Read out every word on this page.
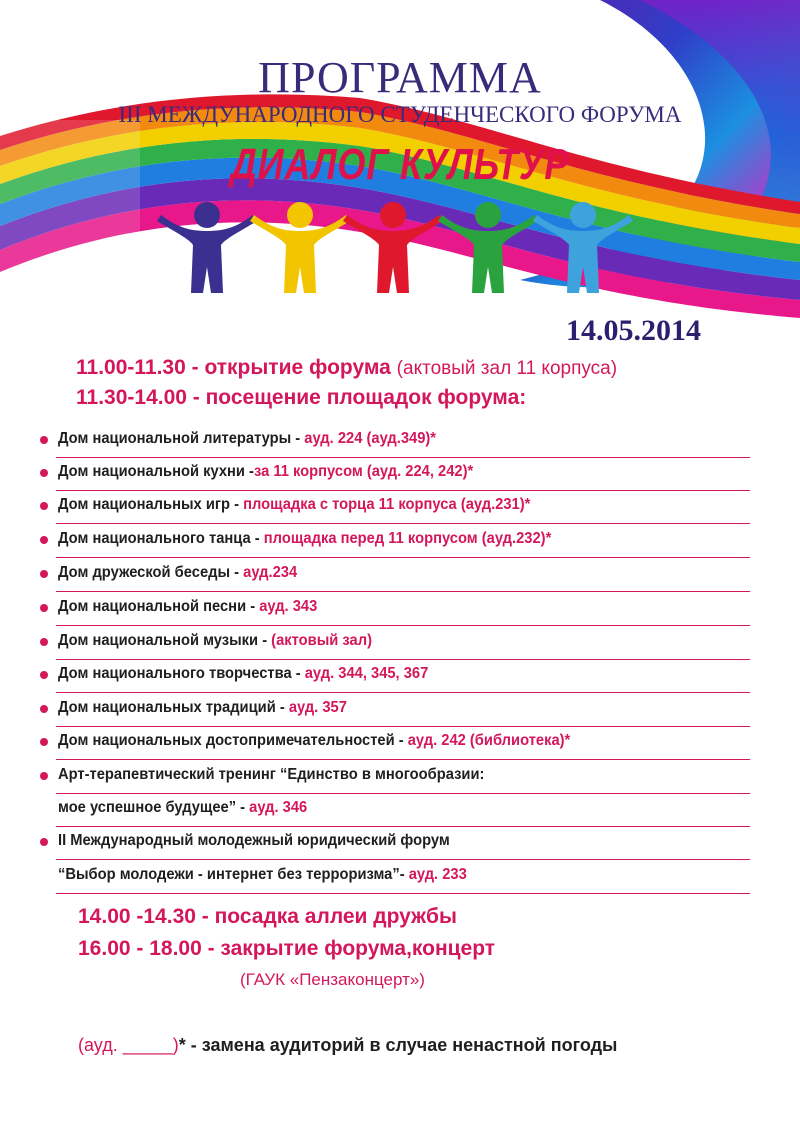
ПРОГРАММА
III МЕЖДУНАРОДНОГО СТУДЕНЧЕСКОГО ФОРУМА
ДИАЛОГ КУЛЬТУР
14.05.2014
11.00-11.30 - открытие форума (актовый зал 11 корпуса)
11.30-14.00 - посещение площадок форума:
Дом национальной литературы - ауд. 224 (ауд.349)*
Дом национальной кухни -за 11 корпусом (ауд. 224, 242)*
Дом национальных игр - площадка с торца 11 корпуса (ауд.231)*
Дом национального танца - площадка перед 11 корпусом (ауд.232)*
Дом дружеской беседы - ауд.234
Дом национальной песни - ауд. 343
Дом национальной музыки - (актовый зал)
Дом национального творчества - ауд. 344, 345, 367
Дом национальных традиций - ауд. 357
Дом национальных достопримечательностей - ауд. 242 (библиотека)*
Арт-терапевтический тренинг “Единство в многообразии:
мое успешное будущее” - ауд. 346
II Международный молодежный юридический форум
“Выбор молодежи - интернет без терроризма”- ауд. 233
14.00 -14.30 - посадка аллеи дружбы
16.00 - 18.00 - закрытие форума,концерт
(ГАУК «Пензаконцерт»)
(ауд. _____)* - замена аудиторий в случае ненастной погоды
